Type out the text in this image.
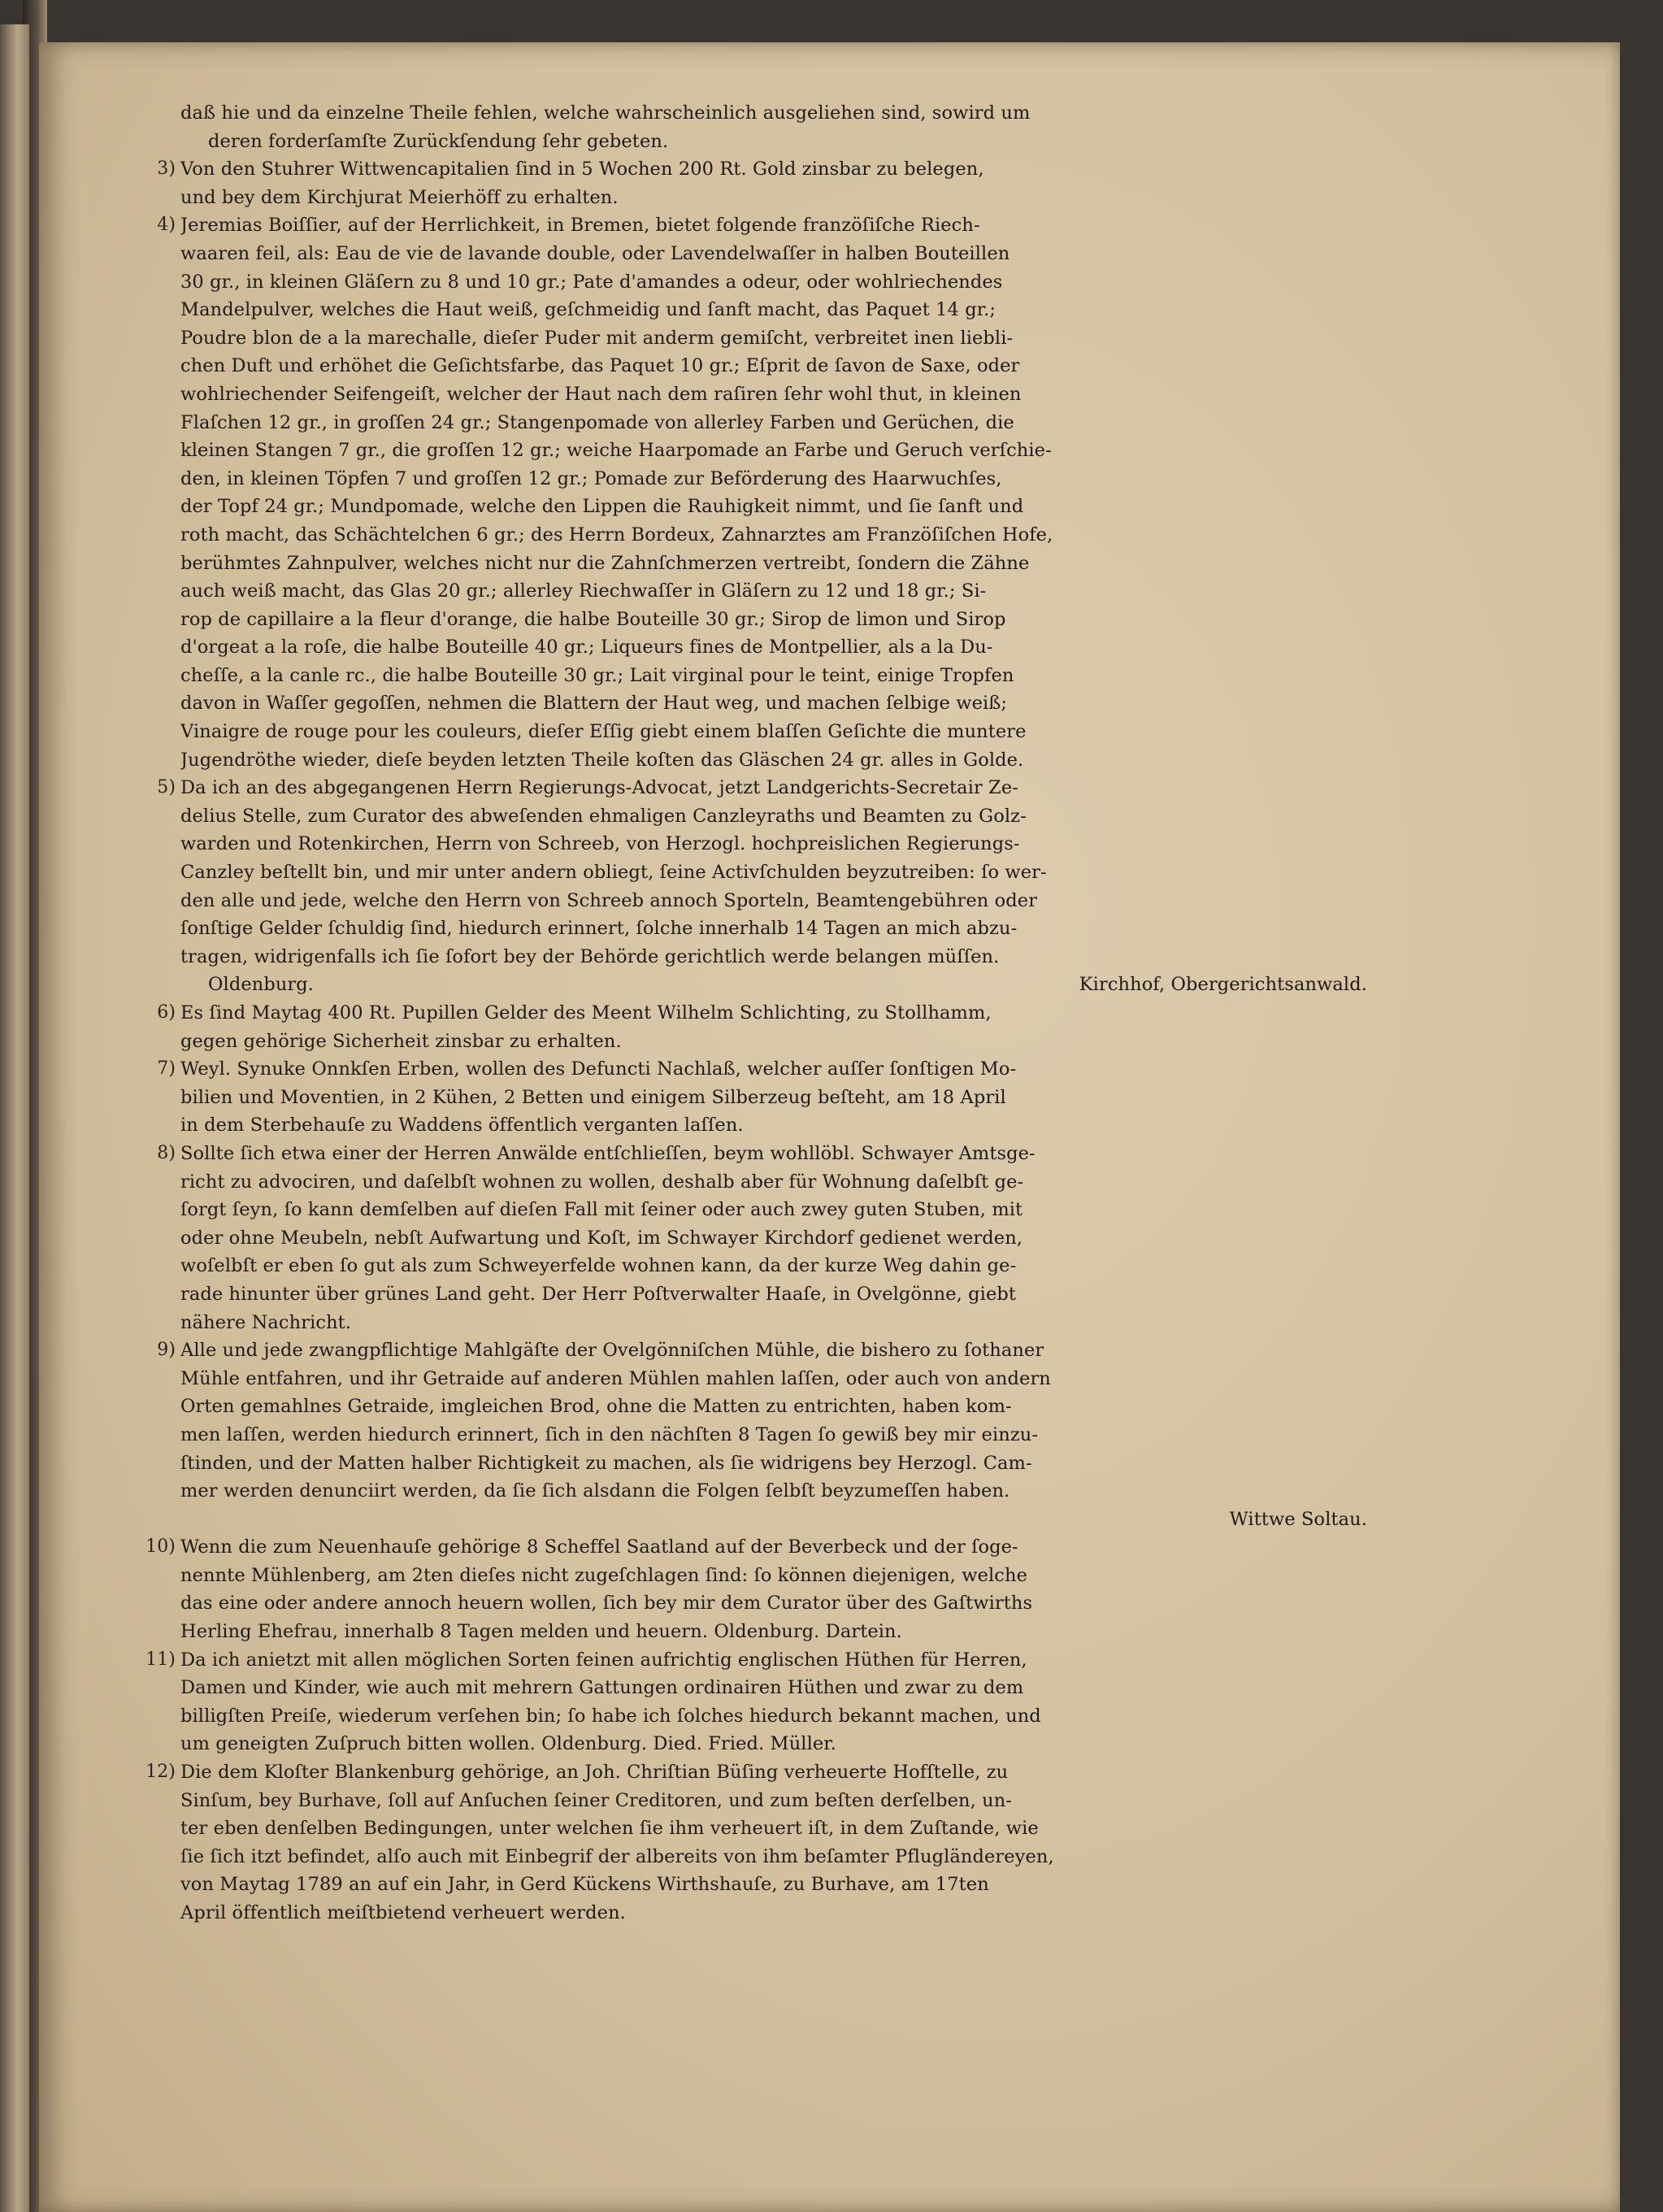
daß hie und da einzelne Theile fehlen, welche wahrscheinlich ausgeliehen sind, sowird um
deren forderſamſte Zurückſendung ſehr gebeten.
3) Von den Stuhrer Wittwencapitalien ſind in 5 Wochen 200 Rt. Gold zinsbar zu belegen,
und bey dem Kirchjurat Meierhöff zu erhalten.
4) Jeremias Boiſſier, auf der Herrlichkeit, in Bremen, bietet folgende franzöſiſche Riech-
waaren feil, als: Eau de vie de lavande double, oder Lavendelwaſſer in halben Bouteillen
30 gr., in kleinen Gläſern zu 8 und 10 gr.; Pate d'amandes a odeur, oder wohlriechendes
Mandelpulver, welches die Haut weiß, geſchmeidig und ſanft macht, das Paquet 14 gr.;
Poudre blon de a la marechalle, dieſer Puder mit anderm gemiſcht, verbreitet inen liebli-
chen Duft und erhöhet die Geſichtsfarbe, das Paquet 10 gr.; Eſprit de ſavon de Saxe, oder
wohlriechender Seifengeiſt, welcher der Haut nach dem raſiren ſehr wohl thut, in kleinen
Flaſchen 12 gr., in groſſen 24 gr.; Stangenpomade von allerley Farben und Gerüchen, die
kleinen Stangen 7 gr., die groſſen 12 gr.; weiche Haarpomade an Farbe und Geruch verſchie-
den, in kleinen Töpfen 7 und groſſen 12 gr.; Pomade zur Beförderung des Haarwuchſes,
der Topf 24 gr.; Mundpomade, welche den Lippen die Rauhigkeit nimmt, und ſie ſanft und
roth macht, das Schächtelchen 6 gr.; des Herrn Bordeux, Zahnarztes am Franzöſiſchen Hofe,
berühmtes Zahnpulver, welches nicht nur die Zahnſchmerzen vertreibt, ſondern die Zähne
auch weiß macht, das Glas 20 gr.; allerley Riechwaſſer in Gläſern zu 12 und 18 gr.; Si-
rop de capillaire a la fleur d'orange, die halbe Bouteille 30 gr.; Sirop de limon und Sirop
d'orgeat a la roſe, die halbe Bouteille 40 gr.; Liqueurs fines de Montpellier, als a la Du-
cheſſe, a la canle rc., die halbe Bouteille 30 gr.; Lait virginal pour le teint, einige Tropfen
davon in Waſſer gegoſſen, nehmen die Blattern der Haut weg, und machen ſelbige weiß;
Vinaigre de rouge pour les couleurs, dieſer Eſſig giebt einem blaſſen Geſichte die muntere
Jugendröthe wieder, dieſe beyden letzten Theile koſten das Gläschen 24 gr. alles in Golde.
5) Da ich an des abgegangenen Herrn Regierungs-Advocat, jetzt Landgerichts-Secretair Ze-
delius Stelle, zum Curator des abweſenden ehmaligen Canzleyraths und Beamten zu Golz-
warden und Rotenkirchen, Herrn von Schreeb, von Herzogl. hochpreislichen Regierungs-
Canzley beſtellt bin, und mir unter andern obliegt, ſeine Activſchulden beyzutreiben: ſo wer-
den alle und jede, welche den Herrn von Schreeb annoch Sporteln, Beamtengebühren oder
ſonſtige Gelder ſchuldig ſind, hiedurch erinnert, ſolche innerhalb 14 Tagen an mich abzu-
tragen, widrigenfalls ich ſie ſofort bey der Behörde gerichtlich werde belangen müſſen.
Oldenburg.	Kirchhof, Obergerichtsanwald.
6) Es ſind Maytag 400 Rt. Pupillen Gelder des Meent Wilhelm Schlichting, zu Stollhamm,
gegen gehörige Sicherheit zinsbar zu erhalten.
7) Weyl. Synuke Onnkſen Erben, wollen des Defuncti Nachlaß, welcher auſſer ſonſtigen Mo-
bilien und Moventien, in 2 Kühen, 2 Betten und einigem Silberzeug beſteht, am 18 April
in dem Sterbehauſe zu Waddens öffentlich verganten laſſen.
8) Sollte ſich etwa einer der Herren Anwälde entſchlieſſen, beym wohllöbl. Schwayer Amtsge-
richt zu advociren, und daſelbſt wohnen zu wollen, deshalb aber für Wohnung daſelbſt ge-
ſorgt ſeyn, ſo kann demſelben auf dieſen Fall mit ſeiner oder auch zwey guten Stuben, mit
oder ohne Meubeln, nebſt Aufwartung und Koſt, im Schwayer Kirchdorf gedienet werden,
woſelbſt er eben ſo gut als zum Schweyerfelde wohnen kann, da der kurze Weg dahin ge-
rade hinunter über grünes Land geht. Der Herr Poſtverwalter Haaſe, in Ovelgönne, giebt
nähere Nachricht.
9) Alle und jede zwangpflichtige Mahlgäſte der Ovelgönniſchen Mühle, die bishero zu ſothaner
Mühle entfahren, und ihr Getraide auf anderen Mühlen mahlen laſſen, oder auch von andern
Orten gemahlnes Getraide, imgleichen Brod, ohne die Matten zu entrichten, haben kom-
men laſſen, werden hiedurch erinnert, ſich in den nächſten 8 Tagen ſo gewiß bey mir einzu-
ſtinden, und der Matten halber Richtigkeit zu machen, als ſie widrigens bey Herzogl. Cam-
mer werden denunciirt werden, da ſie ſich alsdann die Folgen ſelbſt beyzumeſſen haben.
Wittwe Soltau.
10) Wenn die zum Neuenhauſe gehörige 8 Scheffel Saatland auf der Beverbeck und der ſoge-
nennte Mühlenberg, am 2ten dieſes nicht zugeſchlagen ſind: ſo können diejenigen, welche
das eine oder andere annoch heuern wollen, ſich bey mir dem Curator über des Gaſtwirths
Herling Ehefrau, innerhalb 8 Tagen melden und heuern. Oldenburg. Dartein.
11) Da ich anietzt mit allen möglichen Sorten feinen aufrichtig englischen Hüthen für Herren,
Damen und Kinder, wie auch mit mehrern Gattungen ordinairen Hüthen und zwar zu dem
billigſten Preiſe, wiederum verſehen bin; ſo habe ich ſolches hiedurch bekannt machen, und
um geneigten Zuſpruch bitten wollen. Oldenburg. Died. Fried. Müller.
12) Die dem Kloſter Blankenburg gehörige, an Joh. Chriſtian Büſing verheuerte Hofſtelle, zu
Sinſum, bey Burhave, ſoll auf Anſuchen ſeiner Creditoren, und zum beſten derſelben, un-
ter eben denſelben Bedingungen, unter welchen ſie ihm verheuert iſt, in dem Zuſtande, wie
ſie ſich itzt befindet, alſo auch mit Einbegrif der albereits von ihm beſamter Pflugländereyen,
von Maytag 1789 an auf ein Jahr, in Gerd Kückens Wirthshauſe, zu Burhave, am 17ten
April öffentlich meiſtbietend verheuert werden.
